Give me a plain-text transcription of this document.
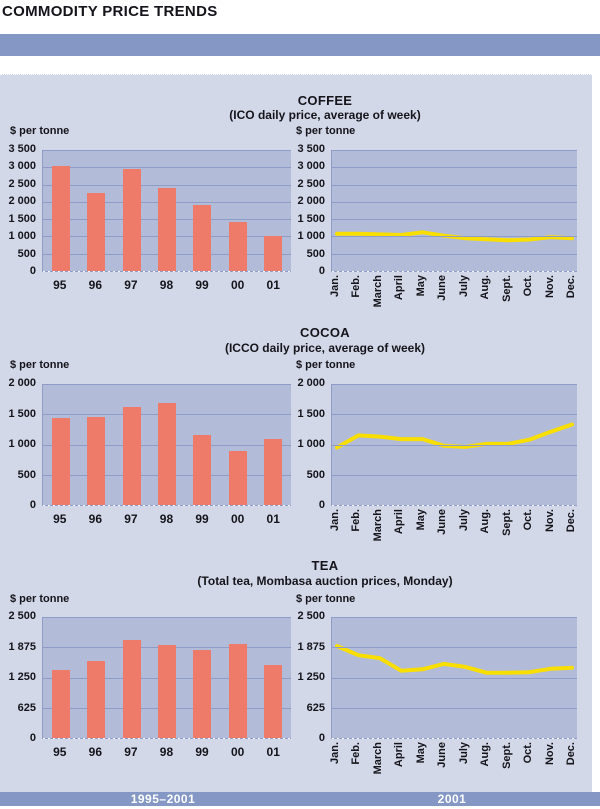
COMMODITY PRICE TRENDS
COFFEE
(ICO daily price, average of week)
$ per tonne	$ per tonne
0
500
1 000
1 500
2 000
2 500
3 000
3 500
95	96	97	98	99	00	01
0
500
1 000
1 500
2 000
2 500
3 000
3 500
Jan. Feb. March April May June July Aug. Sept. Oct. Nov. Dec.
COCOA
(ICCO daily price, average of week)
$ per tonne	$ per tonne
0
500
1 000
1 500
2 000
95	96	97	98	99	00	01
0
500
1 000
1 500
2 000
Jan. Feb. March April May June July Aug. Sept. Oct. Nov. Dec.
TEA
(Total tea, Mombasa auction prices, Monday)
$ per tonne	$ per tonne
0
625
1 250
1 875
2 500
95	96	97	98	99	00	01
0
625
1 250
1 875
2 500
Jan. Feb. March April May June July Aug. Sept. Oct. Nov. Dec.
1995–2001	2001
